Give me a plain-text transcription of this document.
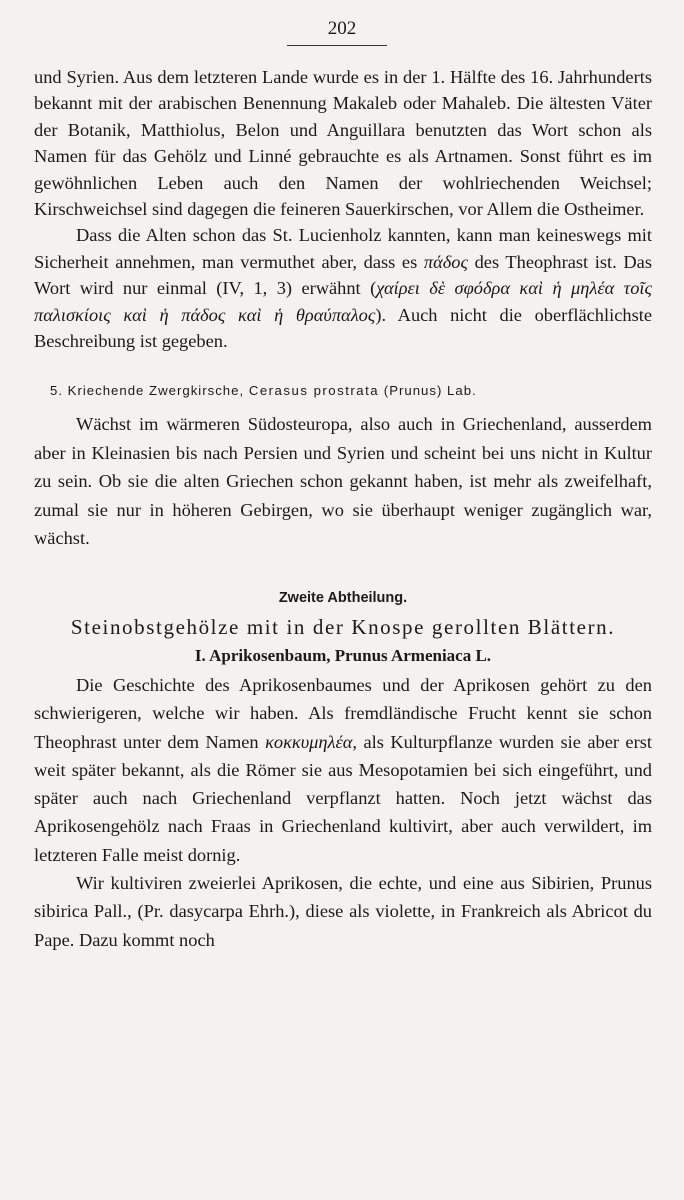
202

und Syrien. Aus dem letzteren Lande wurde es in der 1. Hälfte des 16. Jahrhunderts bekannt mit der arabischen Benennung Makaleb oder Mahaleb. Die ältesten Väter der Botanik, Matthiolus, Belon und Anguillara benutzten das Wort schon als Namen für das Gehölz und Linné gebrauchte es als Artnamen. Sonst führt es im gewöhnlichen Leben auch den Namen der wohlriechenden Weichsel; Kirschweichsel sind dagegen die feineren Sauerkirschen, vor Allem die Ostheimer.

Dass die Alten schon das St. Lucienholz kannten, kann man keineswegs mit Sicherheit annehmen, man vermuthet aber, dass es πάδος des Theophrast ist. Das Wort wird nur einmal (IV, 1, 3) erwähnt (χαίρει δὲ σφόδρα καὶ ἡ μηλέα τοῖς παλισκίοις καὶ ἡ πάδος καὶ ἡ θραύπαλος). Auch nicht die oberflächlichste Beschreibung ist gegeben.

5. Kriechende Zwergkirsche, Cerasus prostrata (Prunus) Lab.

Wächst im wärmeren Südosteuropa, also auch in Griechenland, ausserdem aber in Kleinasien bis nach Persien und Syrien und scheint bei uns nicht in Kultur zu sein. Ob sie die alten Griechen schon gekannt haben, ist mehr als zweifelhaft, zumal sie nur in höheren Gebirgen, wo sie überhaupt weniger zugänglich war, wächst.

Zweite Abtheilung.
Steinobstgehölze mit in der Knospe gerollten Blättern.
I. Aprikosenbaum, Prunus Armeniaca L.

Die Geschichte des Aprikosenbaumes und der Aprikosen gehört zu den schwierigeren, welche wir haben. Als fremdländische Frucht kennt sie schon Theophrast unter dem Namen κοκκυμηλέα, als Kulturpflanze wurden sie aber erst weit später bekannt, als die Römer sie aus Mesopotamien bei sich eingeführt, und später auch nach Griechenland verpflanzt hatten. Noch jetzt wächst das Aprikosengehölz nach Fraas in Griechenland kultivirt, aber auch verwildert, im letzteren Falle meist dornig.

Wir kultiviren zweierlei Aprikosen, die echte, und eine aus Sibirien, Prunus sibirica Pall., (Pr. dasycarpa Ehrh.), diese als violette, in Frankreich als Abricot du Pape. Dazu kommt noch
